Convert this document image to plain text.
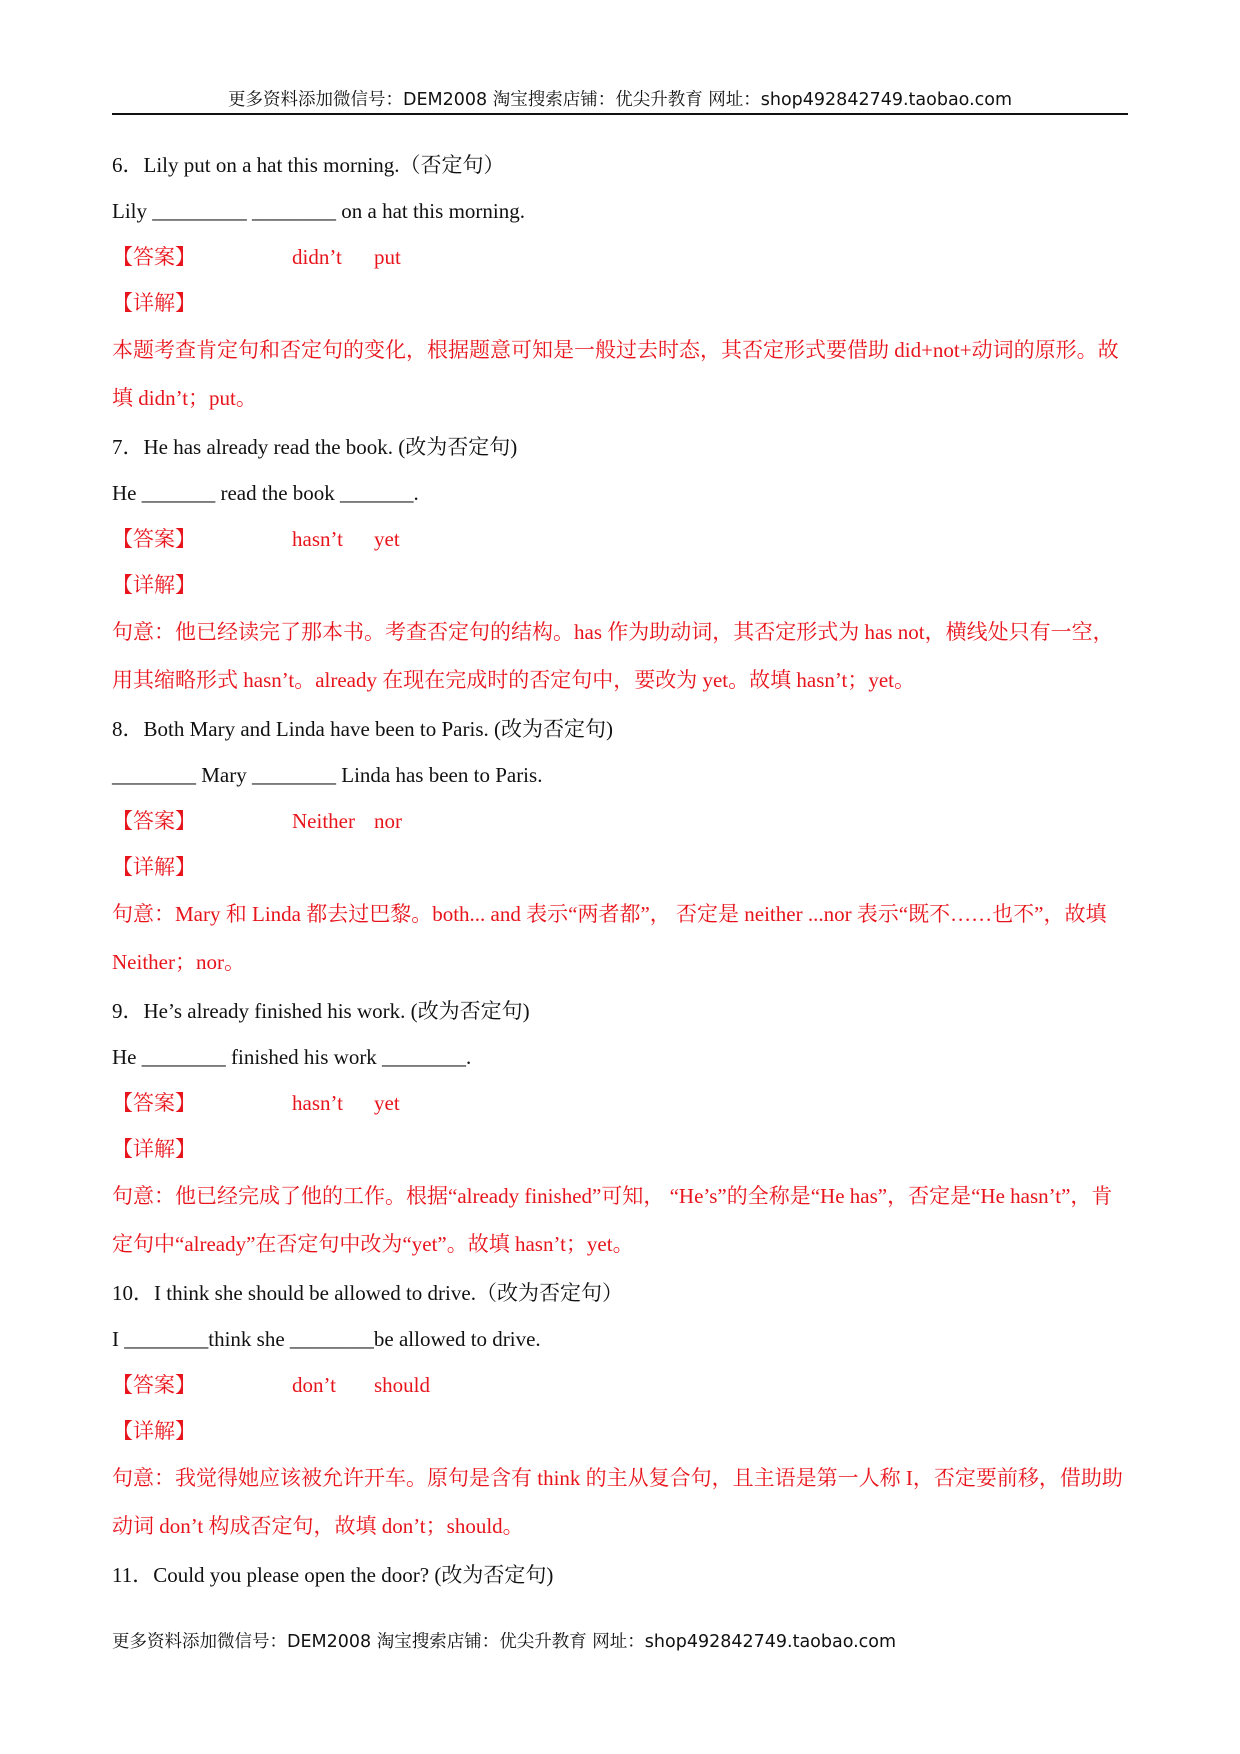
更多资料添加微信号：DEM2008 淘宝搜索店铺：优尖升教育 网址：shop492842749.taobao.com
6．Lily put on a hat this morning.（否定句）
Lily _________ ________ on a hat this morning.
【答案】	didn’t put
【详解】

本题考查肯定句和否定句的变化，根据题意可知是一般过去时态，其否定形式要借助 did+not+动词的原形。故填 didn’t；put。

7．He has already read the book. (改为否定句)
He _______ read the book _______.
【答案】	hasn’t yet
【详解】

句意：他已经读完了那本书。考查否定句的结构。has 作为助动词，其否定形式为 has not，横线处只有一空，用其缩略形式 hasn’t。already 在现在完成时的否定句中，要改为 yet。故填 hasn’t；yet。

8．Both Mary and Linda have been to Paris. (改为否定句)
________ Mary ________ Linda has been to Paris.
【答案】	Neither nor
【详解】

句意：Mary 和 Linda 都去过巴黎。both... and 表示“两者都”， 否定是 neither ...nor 表示“既不……也不”，故填 Neither；nor。

9．He’s already finished his work. (改为否定句)
He ________ finished his work ________.
【答案】	hasn’t yet
【详解】

句意：他已经完成了他的工作。根据“already finished”可知， “He’s”的全称是“He has”，否定是“He hasn’t”，肯定句中“already”在否定句中改为“yet”。故填 hasn’t；yet。

10．I think she should be allowed to drive.（改为否定句）
I ________think she ________be allowed to drive.
【答案】	don’t should
【详解】

句意：我觉得她应该被允许开车。原句是含有 think 的主从复合句，且主语是第一人称 I，否定要前移，借助助动词 don’t 构成否定句，故填 don’t；should。

11．Could you please open the door? (改为否定句)
更多资料添加微信号：DEM2008 淘宝搜索店铺：优尖升教育 网址：shop492842749.taobao.com
